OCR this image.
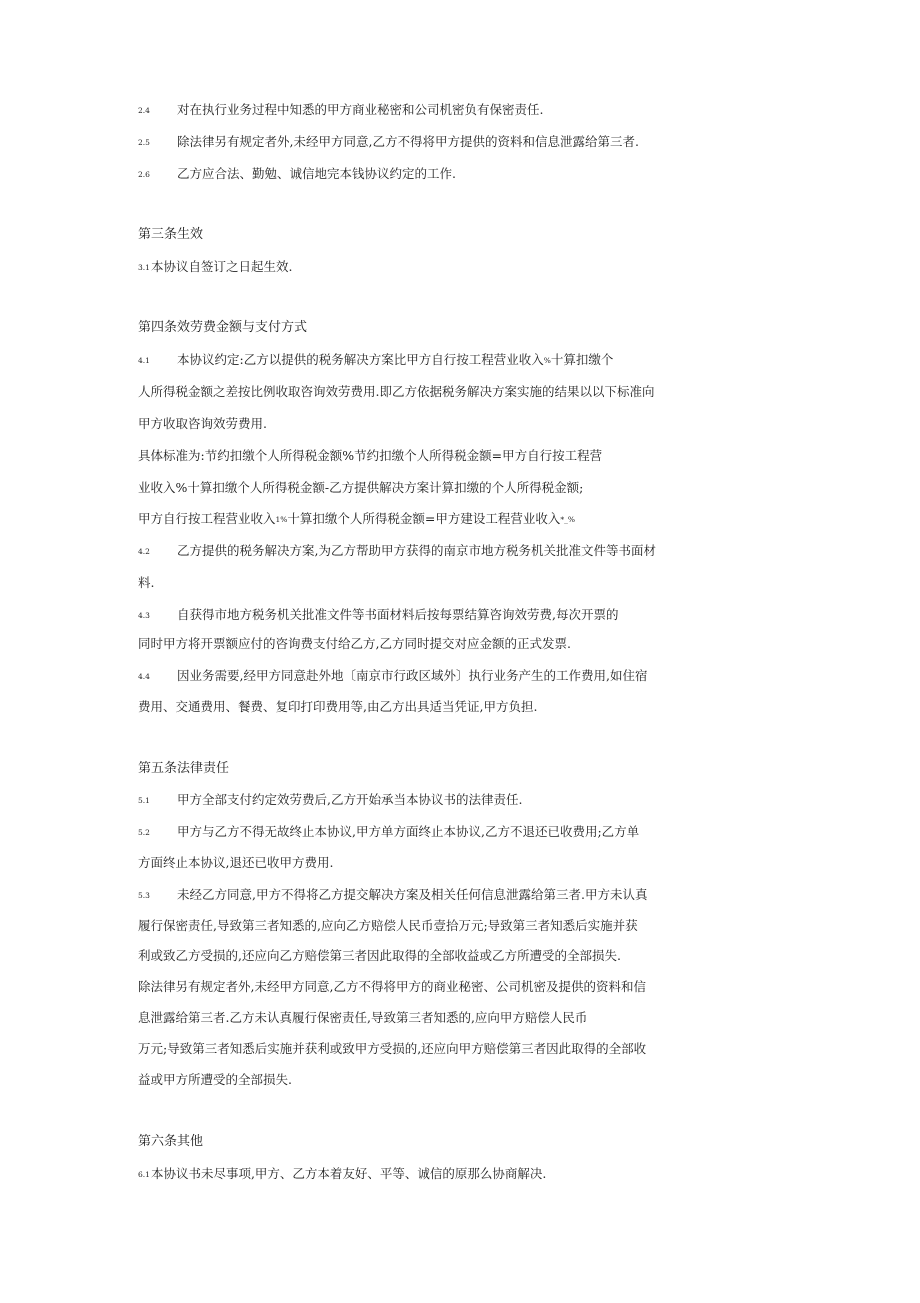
2.4 对在执行业务过程中知悉的甲方商业秘密和公司机密负有保密责任.
2.5 除法律另有规定者外,未经甲方同意,乙方不得将甲方提供的资料和信息泄露给第三者.
2.6 乙方应合法、勤勉、诚信地完本钱协议约定的工作.
第三条生效
3.1本协议自签订之日起生效.
第四条效劳费金额与支付方式
4.1 本协议约定:乙方以提供的税务解决方案比甲方自行按工程营业收入%十算扣缴个
人所得税金额之差按比例收取咨询效劳费用.即乙方依据税务解决方案实施的结果以以下标准向
甲方收取咨询效劳费用.
具体标准为:节约扣缴个人所得税金额%节约扣缴个人所得税金额=甲方自行按工程营
业收入%十算扣缴个人所得税金额-乙方提供解决方案计算扣缴的个人所得税金额;
甲方自行按工程营业收入1%十算扣缴个人所得税金额=甲方建设工程营业收入*_%
4.2 乙方提供的税务解决方案,为乙方帮助甲方获得的南京市地方税务机关批准文件等书面材
料.
4.3 自获得市地方税务机关批准文件等书面材料后按每票结算咨询效劳费,每次开票的
同时甲方将开票额应付的咨询费支付给乙方,乙方同时提交对应金额的正式发票.
4.4 因业务需要,经甲方同意赴外地〔南京市行政区域外〕执行业务产生的工作费用,如住宿
费用、交通费用、餐费、复印打印费用等,由乙方出具适当凭证,甲方负担.
第五条法律责任
5.1 甲方全部支付约定效劳费后,乙方开始承当本协议书的法律责任.
5.2 甲方与乙方不得无故终止本协议,甲方单方面终止本协议,乙方不退还已收费用;乙方单
方面终止本协议,退还已收甲方费用.
5.3 未经乙方同意,甲方不得将乙方提交解决方案及相关任何信息泄露给第三者.甲方未认真
履行保密责任,导致第三者知悉的,应向乙方赔偿人民币壹拾万元;导致第三者知悉后实施并获
利或致乙方受损的,还应向乙方赔偿第三者因此取得的全部收益或乙方所遭受的全部损失.
除法律另有规定者外,未经甲方同意,乙方不得将甲方的商业秘密、公司机密及提供的资料和信
息泄露给第三者.乙方未认真履行保密责任,导致第三者知悉的,应向甲方赔偿人民币
万元;导致第三者知悉后实施并获利或致甲方受损的,还应向甲方赔偿第三者因此取得的全部收
益或甲方所遭受的全部损失.
第六条其他
6.1本协议书未尽事项,甲方、乙方本着友好、平等、诚信的原那么协商解决.
